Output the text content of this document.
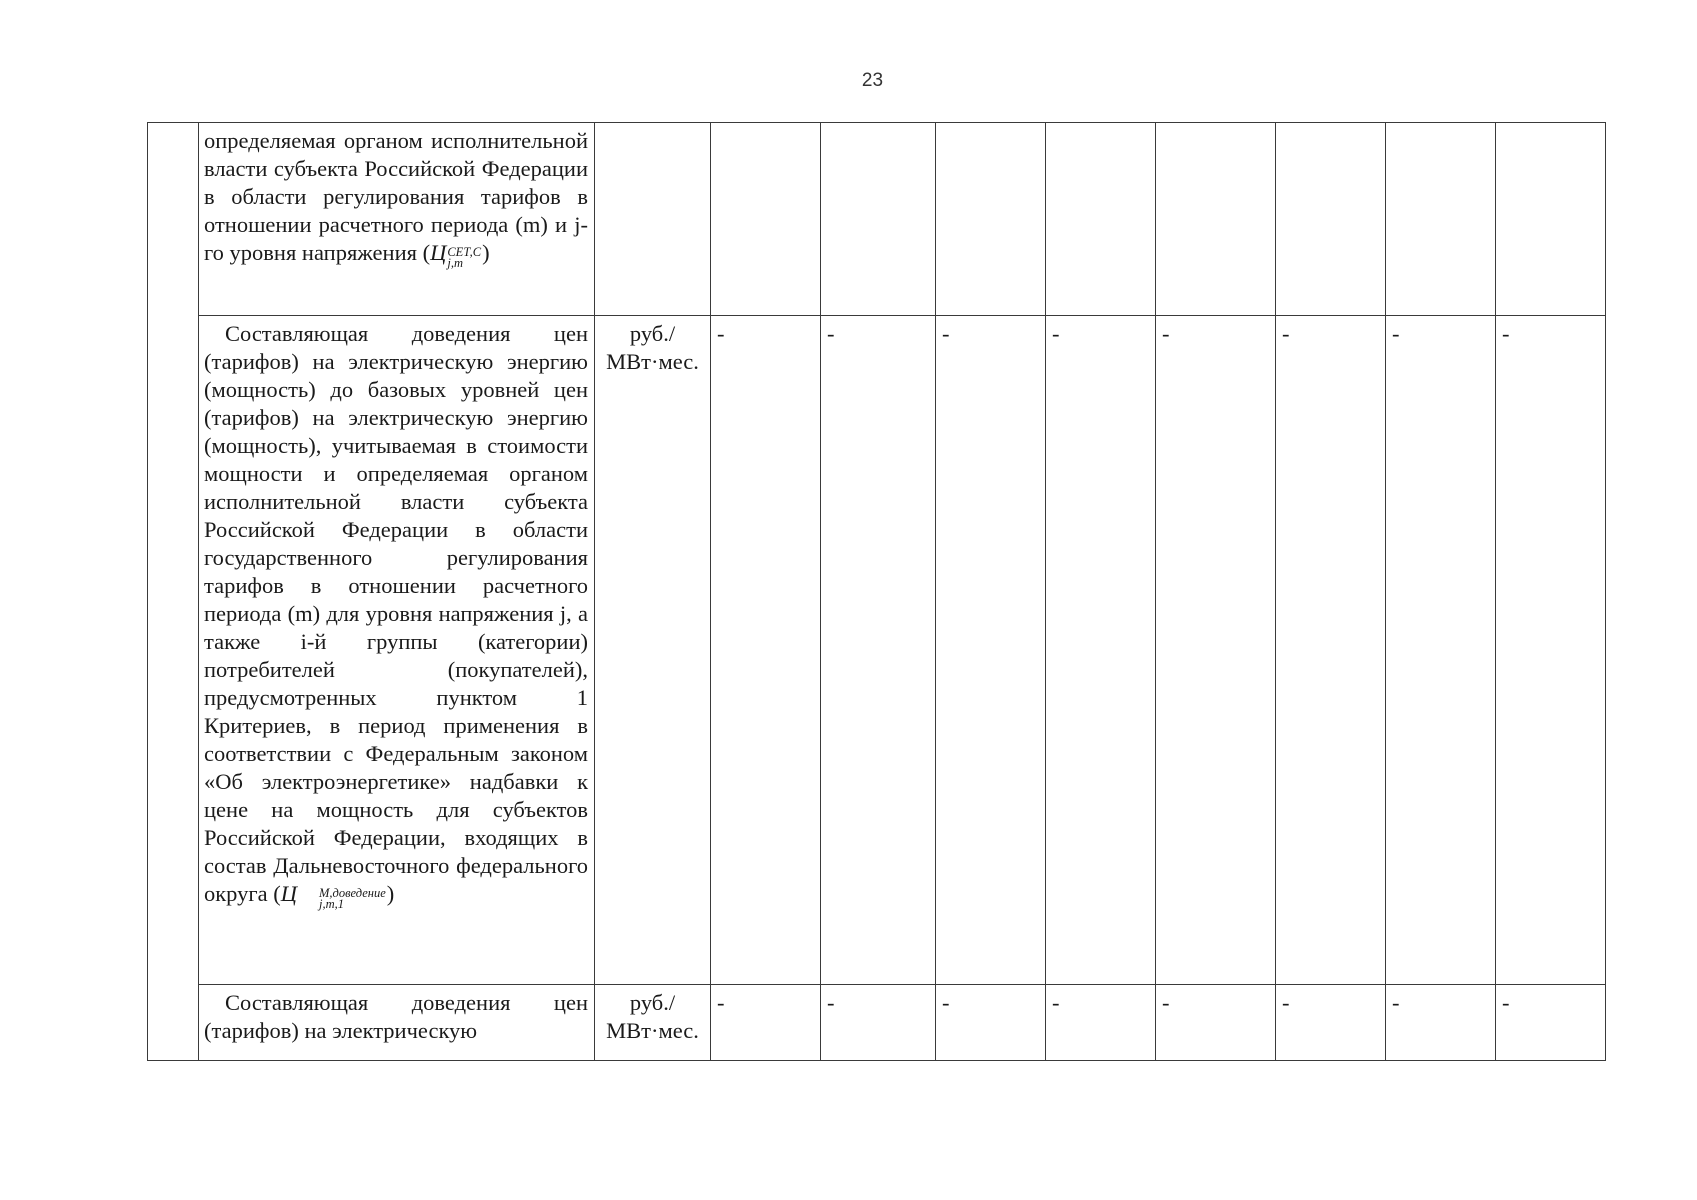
23

	определяемая органом исполнительной власти субъекта Российской Федерации в области регулирования тарифов в отношении расчетного периода (m) и j-го уровня напряжения (Ц СЕТ,С
j,m )									

	Составляющая доведения цен (тарифов) на электрическую энергию (мощность) до базовых уровней цен (тарифов) на электрическую энергию (мощность), учитываемая в стоимости мощности и определяемая органом исполнительной власти субъекта Российской Федерации в области государственного регулирования тарифов в отношении расчетного периода (m) для уровня напряжения j, а также i-й группы (категории) потребителей (покупателей), предусмотренных пунктом 1 Критериев, в период применения в соответствии с Федеральным законом «Об электроэнергетике» надбавки к цене на мощность для субъектов Российской Федерации, входящих в состав Дальневосточного федерального округа (Ц М,доведение
j,m,1 )	руб./
МВт·мес.	-	-	-	-	-	-	-	-

	Составляющая доведения цен (тарифов) на электрическую	руб./
МВт·мес.	-	-	-	-	-	-	-	-
